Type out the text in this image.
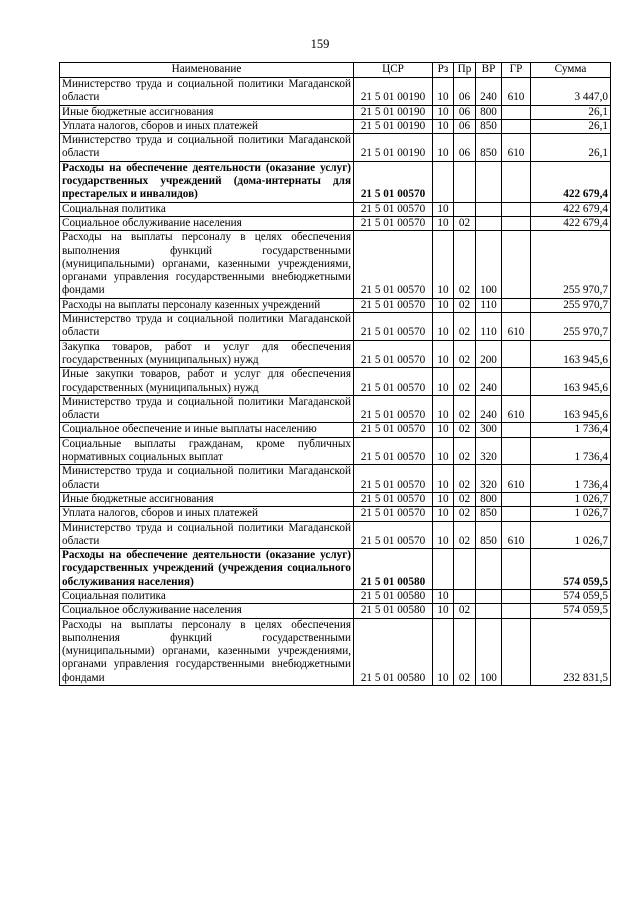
159
Наименование	ЦСР	Рз	Пр	ВР	ГР	Сумма
Министерство труда и социальной политики Магаданской области	21 5 01 00190	10	06	240	610	3 447,0
Иные бюджетные ассигнования	21 5 01 00190	10	06	800		26,1
Уплата налогов, сборов и иных платежей	21 5 01 00190	10	06	850		26,1
Министерство труда и социальной политики Магаданской области	21 5 01 00190	10	06	850	610	26,1
Расходы на обеспечение деятельности (оказание услуг) государственных учреждений (дома-интернаты для престарелых и инвалидов)	21 5 01 00570					422 679,4
Социальная политика	21 5 01 00570	10				422 679,4
Социальное обслуживание населения	21 5 01 00570	10	02			422 679,4
Расходы на выплаты персоналу в целях обеспечения выполнения функций государственными (муниципальными) органами, казенными учреждениями, органами управления государственными внебюджетными фондами	21 5 01 00570	10	02	100		255 970,7
Расходы на выплаты персоналу казенных учреждений	21 5 01 00570	10	02	110		255 970,7
Министерство труда и социальной политики Магаданской области	21 5 01 00570	10	02	110	610	255 970,7
Закупка товаров, работ и услуг для обеспечения государственных (муниципальных) нужд	21 5 01 00570	10	02	200		163 945,6
Иные закупки товаров, работ и услуг для обеспечения государственных (муниципальных) нужд	21 5 01 00570	10	02	240		163 945,6
Министерство труда и социальной политики Магаданской области	21 5 01 00570	10	02	240	610	163 945,6
Социальное обеспечение и иные выплаты населению	21 5 01 00570	10	02	300		1 736,4
Социальные выплаты гражданам, кроме публичных нормативных социальных выплат	21 5 01 00570	10	02	320		1 736,4
Министерство труда и социальной политики Магаданской области	21 5 01 00570	10	02	320	610	1 736,4
Иные бюджетные ассигнования	21 5 01 00570	10	02	800		1 026,7
Уплата налогов, сборов и иных платежей	21 5 01 00570	10	02	850		1 026,7
Министерство труда и социальной политики Магаданской области	21 5 01 00570	10	02	850	610	1 026,7
Расходы на обеспечение деятельности (оказание услуг) государственных учреждений (учреждения социального обслуживания населения)	21 5 01 00580					574 059,5
Социальная политика	21 5 01 00580	10				574 059,5
Социальное обслуживание населения	21 5 01 00580	10	02			574 059,5
Расходы на выплаты персоналу в целях обеспечения выполнения функций государственными (муниципальными) органами, казенными учреждениями, органами управления государственными внебюджетными фондами	21 5 01 00580	10	02	100		232 831,5
